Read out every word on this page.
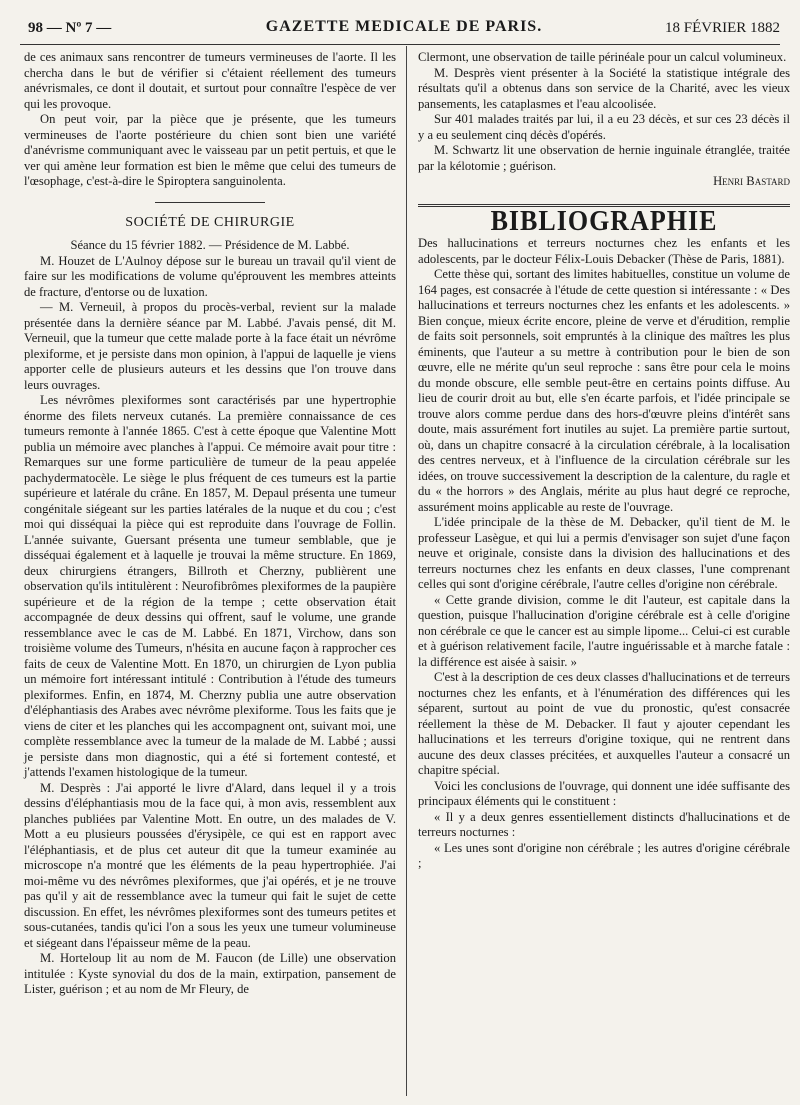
98 — Nº 7 —	GAZETTE MEDICALE DE PARIS.	18 FÉVRIER 1882

de ces animaux sans rencontrer de tumeurs vermineuses de l'aorte. Il les chercha dans le but de vérifier si c'étaient réellement des tumeurs anévrismales, ce dont il doutait, et surtout pour connaître l'espèce de ver qui les provoque.

On peut voir, par la pièce que je présente, que les tumeurs vermineuses de l'aorte postérieure du chien sont bien une variété d'anévrisme communiquant avec le vaisseau par un petit pertuis, et que le ver qui amène leur formation est bien le même que celui des tumeurs de l'œsophage, c'est-à-dire le Spiroptera sanguinolenta.

SOCIÉTÉ DE CHIRURGIE

Séance du 15 février 1882. — Présidence de M. Labbé.

M. Houzet de L'Aulnoy dépose sur le bureau un travail qu'il vient de faire sur les modifications de volume qu'éprouvent les membres atteints de fracture, d'entorse ou de luxation.

— M. Verneuil, à propos du procès-verbal, revient sur la malade présentée dans la dernière séance par M. Labbé. J'avais pensé, dit M. Verneuil, que la tumeur que cette malade porte à la face était un névrôme plexiforme, et je persiste dans mon opinion, à l'appui de laquelle je viens apporter celle de plusieurs auteurs et les dessins que l'on trouve dans leurs ouvrages.

Les névrômes plexiformes sont caractérisés par une hypertrophie énorme des filets nerveux cutanés. La première connaissance de ces tumeurs remonte à l'année 1865. C'est à cette époque que Valentine Mott publia un mémoire avec planches à l'appui. Ce mémoire avait pour titre : Remarques sur une forme particulière de tumeur de la peau appelée pachydermatocèle. Le siège le plus fréquent de ces tumeurs est la partie supérieure et latérale du crâne. En 1857, M. Depaul présenta une tumeur congénitale siégeant sur les parties latérales de la nuque et du cou ; c'est moi qui disséquai la pièce qui est reproduite dans l'ouvrage de Follin. L'année suivante, Guersant présenta une tumeur semblable, que je disséquai également et à laquelle je trouvai la même structure. En 1869, deux chirurgiens étrangers, Billroth et Cherzny, publièrent une observation qu'ils intitulèrent : Neurofibrômes plexiformes de la paupière supérieure et de la région de la tempe ; cette observation était accompagnée de deux dessins qui offrent, sauf le volume, une grande ressemblance avec le cas de M. Labbé. En 1871, Virchow, dans son troisième volume des Tumeurs, n'hésita en aucune façon à rapprocher ces faits de ceux de Valentine Mott. En 1870, un chirurgien de Lyon publia un mémoire fort intéressant intitulé : Contribution à l'étude des tumeurs plexiformes. Enfin, en 1874, M. Cherzny publia une autre observation d'éléphantiasis des Arabes avec névrôme plexiforme. Tous les faits que je viens de citer et les planches qui les accompagnent ont, suivant moi, une complète ressemblance avec la tumeur de la malade de M. Labbé ; aussi je persiste dans mon diagnostic, qui a été si fortement contesté, et j'attends l'examen histologique de la tumeur.

M. Desprès : J'ai apporté le livre d'Alard, dans lequel il y a trois dessins d'éléphantiasis mou de la face qui, à mon avis, ressemblent aux planches publiées par Valentine Mott. En outre, un des malades de V. Mott a eu plusieurs poussées d'érysipèle, ce qui est en rapport avec l'éléphantiasis, et de plus cet auteur dit que la tumeur examinée au microscope n'a montré que les éléments de la peau hypertrophiée. J'ai moi-même vu des névrômes plexiformes, que j'ai opérés, et je ne trouve pas qu'il y ait de ressemblance avec la tumeur qui fait le sujet de cette discussion. En effet, les névrômes plexiformes sont des tumeurs petites et sous-cutanées, tandis qu'ici l'on a sous les yeux une tumeur volumineuse et siégeant dans l'épaisseur même de la peau.

M. Horteloup lit au nom de M. Faucon (de Lille) une observation intitulée : Kyste synovial du dos de la main, extirpation, pansement de Lister, guérison ; et au nom de Mr Fleury, de

Clermont, une observation de taille périnéale pour un calcul volumineux.

M. Desprès vient présenter à la Société la statistique intégrale des résultats qu'il a obtenus dans son service de la Charité, avec les vieux pansements, les cataplasmes et l'eau alcoolisée.

Sur 401 malades traités par lui, il a eu 23 décès, et sur ces 23 décès il y a eu seulement cinq décès d'opérés.

M. Schwartz lit une observation de hernie inguinale étranglée, traitée par la kélotomie ; guérison.

Henri Bastard

BIBLIOGRAPHIE

Des hallucinations et terreurs nocturnes chez les enfants et les adolescents, par le docteur Félix-Louis Debacker (Thèse de Paris, 1881).

Cette thèse qui, sortant des limites habituelles, constitue un volume de 164 pages, est consacrée à l'étude de cette question si intéressante : « Des hallucinations et terreurs nocturnes chez les enfants et les adolescents. » Bien conçue, mieux écrite encore, pleine de verve et d'érudition, remplie de faits soit personnels, soit empruntés à la clinique des maîtres les plus éminents, que l'auteur a su mettre à contribution pour le bien de son œuvre, elle ne mérite qu'un seul reproche : sans être pour cela le moins du monde obscure, elle semble peut-être en certains points diffuse. Au lieu de courir droit au but, elle s'en écarte parfois, et l'idée principale se trouve alors comme perdue dans des hors-d'œuvre pleins d'intérêt sans doute, mais assurément fort inutiles au sujet. La première partie surtout, où, dans un chapitre consacré à la circulation cérébrale, à la localisation des centres nerveux, et à l'influence de la circulation cérébrale sur les idées, on trouve successivement la description de la calenture, du ragle et du « the horrors » des Anglais, mérite au plus haut degré ce reproche, assurément moins applicable au reste de l'ouvrage.

L'idée principale de la thèse de M. Debacker, qu'il tient de M. le professeur Lasègue, et qui lui a permis d'envisager son sujet d'une façon neuve et originale, consiste dans la division des hallucinations et des terreurs nocturnes chez les enfants en deux classes, l'une comprenant celles qui sont d'origine cérébrale, l'autre celles d'origine non cérébrale.

« Cette grande division, comme le dit l'auteur, est capitale dans la question, puisque l'hallucination d'origine cérébrale est à celle d'origine non cérébrale ce que le cancer est au simple lipome... Celui-ci est curable et à guérison relativement facile, l'autre inguérissable et à marche fatale : la différence est aisée à saisir. »

C'est à la description de ces deux classes d'hallucinations et de terreurs nocturnes chez les enfants, et à l'énumération des différences qui les séparent, surtout au point de vue du pronostic, qu'est consacrée réellement la thèse de M. Debacker. Il faut y ajouter cependant les hallucinations et les terreurs d'origine toxique, qui ne rentrent dans aucune des deux classes précitées, et auxquelles l'auteur a consacré un chapitre spécial.

Voici les conclusions de l'ouvrage, qui donnent une idée suffisante des principaux éléments qui le constituent :

« Il y a deux genres essentiellement distincts d'hallucinations et de terreurs nocturnes :

« Les unes sont d'origine non cérébrale ; les autres d'origine cérébrale ;
